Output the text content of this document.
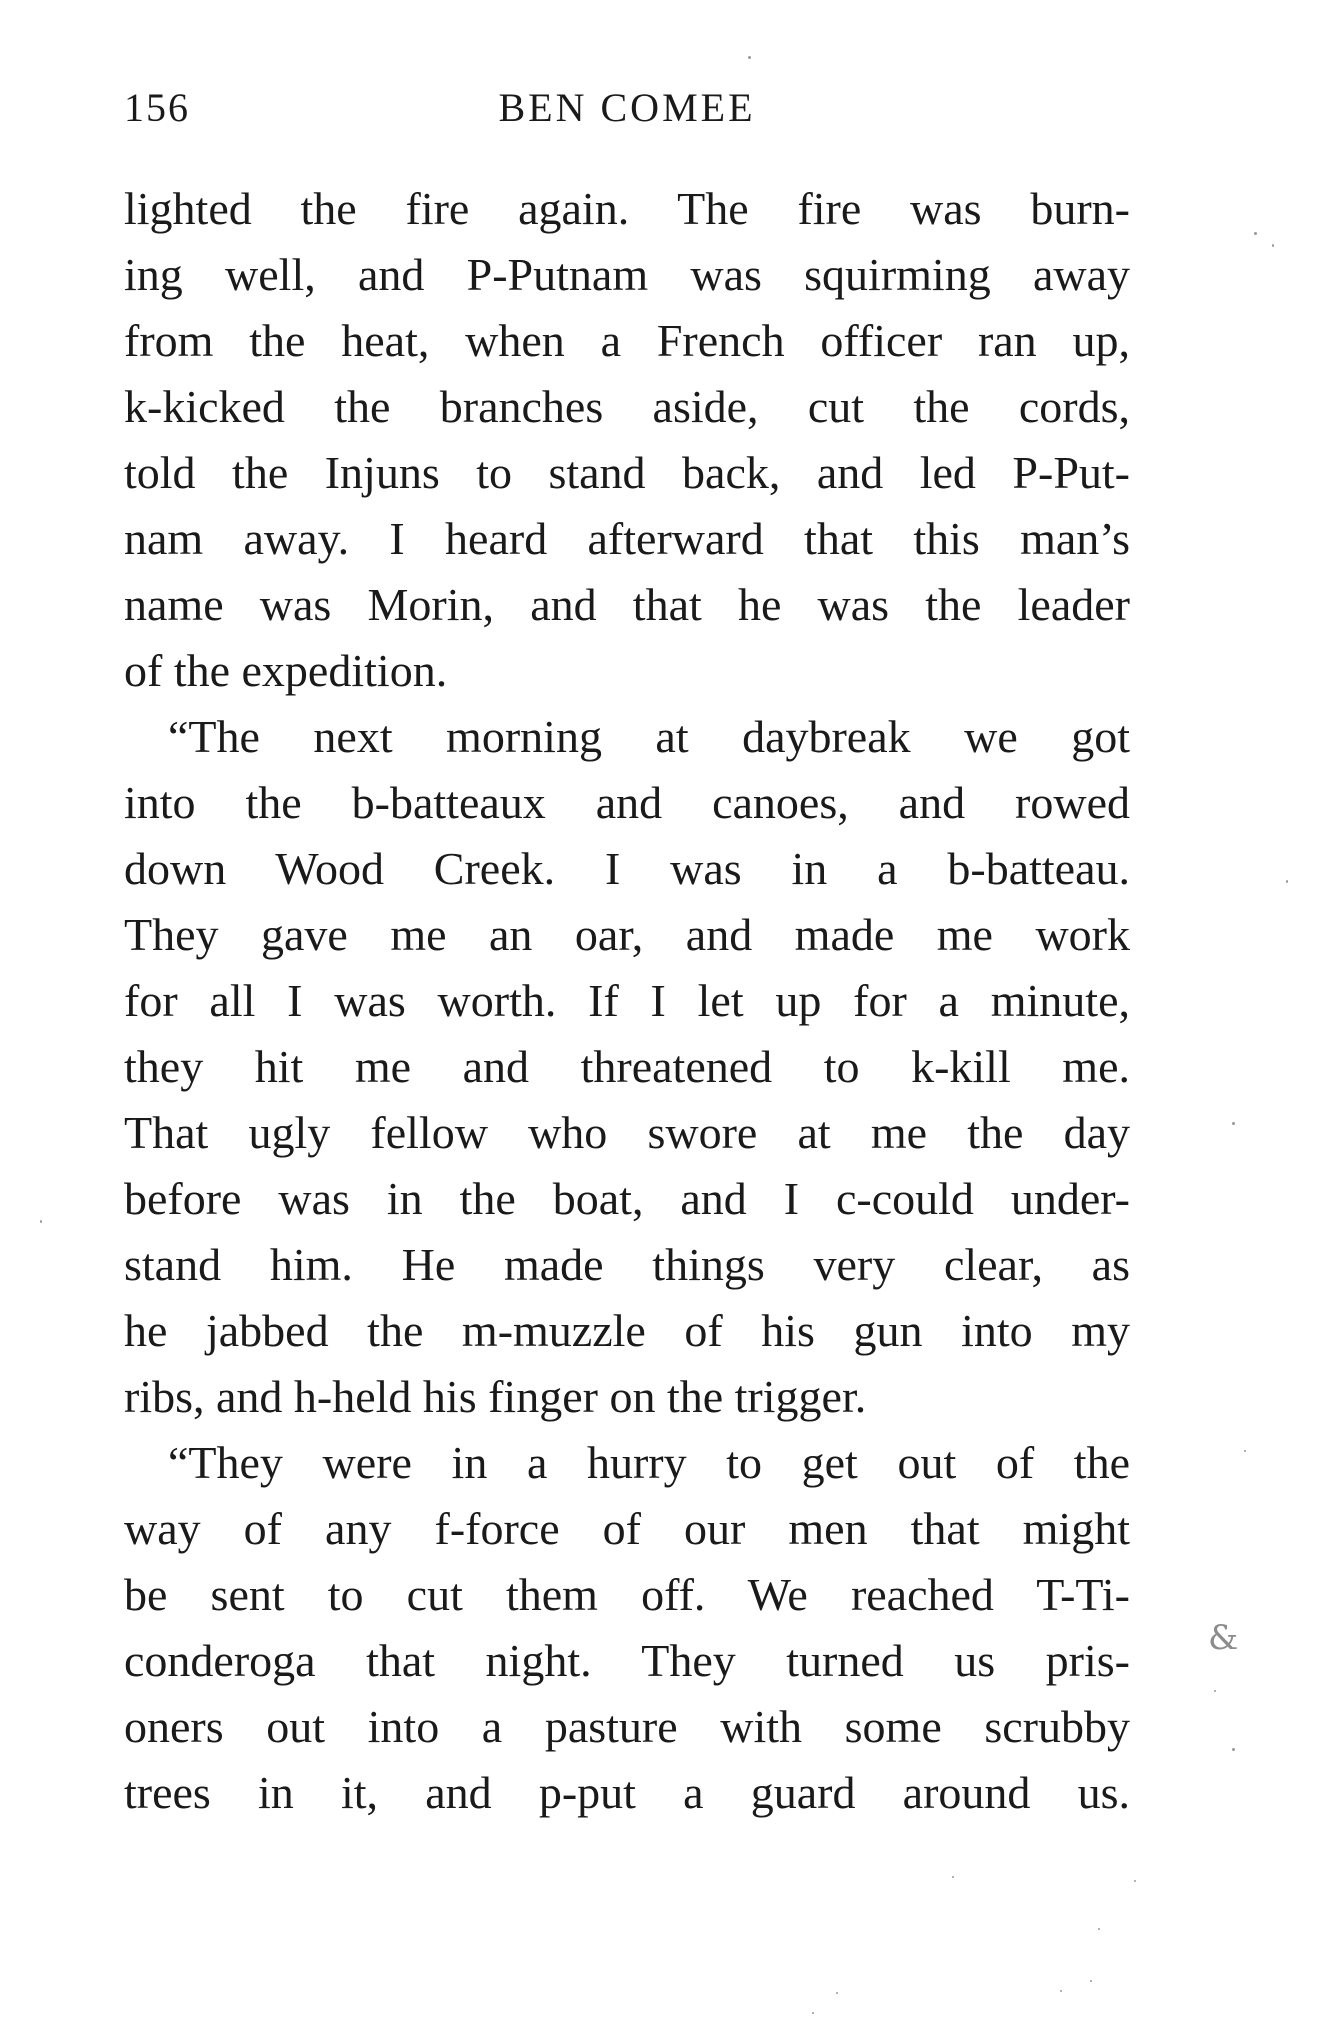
156	BEN COMEE
lighted the fire again. The fire was burn-
ing well, and P-Putnam was squirming away
from the heat, when a French officer ran up,
k-kicked the branches aside, cut the cords,
told the Injuns to stand back, and led P-Put-
nam away. I heard afterward that this man’s
name was Morin, and that he was the leader
of the expedition.
“The next morning at daybreak we got
into the b-batteaux and canoes, and rowed
down Wood Creek. I was in a b-batteau.
They gave me an oar, and made me work
for all I was worth. If I let up for a minute,
they hit me and threatened to k-kill me.
That ugly fellow who swore at me the day
before was in the boat, and I c-could under-
stand him. He made things very clear, as
he jabbed the m-muzzle of his gun into my
ribs, and h-held his finger on the trigger.
“They were in a hurry to get out of the
way of any f-force of our men that might
be sent to cut them off. We reached T-Ti-
conderoga that night. They turned us pris-
oners out into a pasture with some scrubby
trees in it, and p-put a guard around us.
&
